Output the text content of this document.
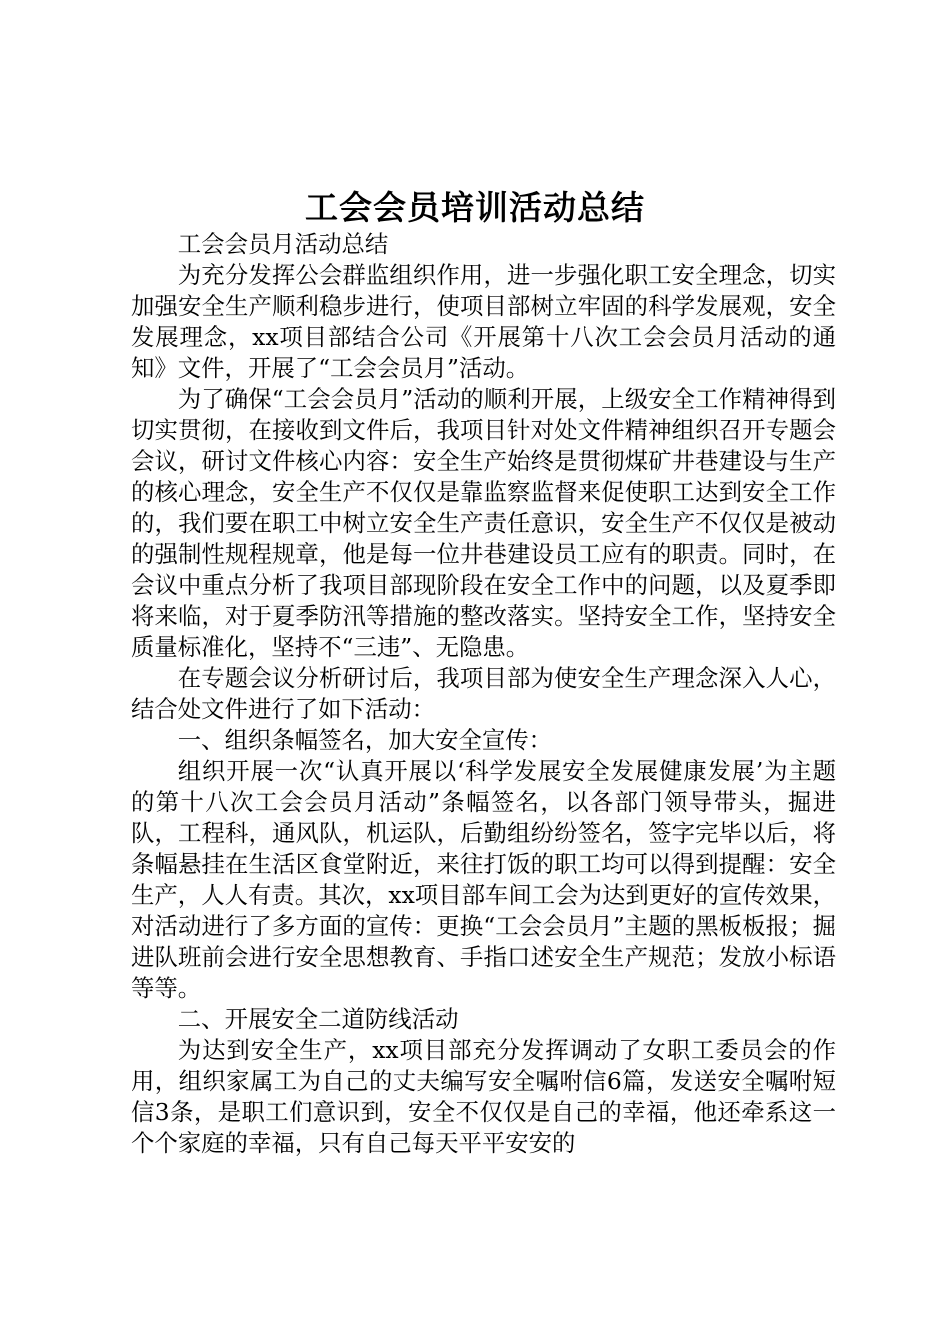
工会会员培训活动总结

工会会员月活动总结

为充分发挥公会群监组织作用，进一步强化职工安全理念，切实加强安全生产顺利稳步进行，使项目部树立牢固的科学发展观，安全发展理念，xx项目部结合公司《开展第十八次工会会员月活动的通知》文件，开展了“工会会员月”活动。

为了确保“工会会员月”活动的顺利开展，上级安全工作精神得到切实贯彻，在接收到文件后，我项目针对处文件精神组织召开专题会会议，研讨文件核心内容：安全生产始终是贯彻煤矿井巷建设与生产的核心理念，安全生产不仅仅是靠监察监督来促使职工达到安全工作的，我们要在职工中树立安全生产责任意识，安全生产不仅仅是被动的强制性规程规章，他是每一位井巷建设员工应有的职责。同时，在会议中重点分析了我项目部现阶段在安全工作中的问题，以及夏季即将来临，对于夏季防汛等措施的整改落实。坚持安全工作，坚持安全质量标准化，坚持不“三违”、无隐患。

在专题会议分析研讨后，我项目部为使安全生产理念深入人心，结合处文件进行了如下活动：

一、组织条幅签名，加大安全宣传：

组织开展一次“认真开展以‘科学发展安全发展健康发展’为主题的第十八次工会会员月活动”条幅签名，以各部门领导带头，掘进队，工程科，通风队，机运队，后勤组纷纷签名，签字完毕以后，将条幅悬挂在生活区食堂附近，来往打饭的职工均可以得到提醒：安全生产，人人有责。其次，xx项目部车间工会为达到更好的宣传效果，对活动进行了多方面的宣传：更换“工会会员月”主题的黑板板报；掘进队班前会进行安全思想教育、手指口述安全生产规范；发放小标语等等。

二、开展安全二道防线活动

为达到安全生产，xx项目部充分发挥调动了女职工委员会的作用，组织家属工为自己的丈夫编写安全嘱咐信6篇，发送安全嘱咐短信3条，是职工们意识到，安全不仅仅是自己的幸福，他还牵系这一个个家庭的幸福，只有自己每天平平安安的
